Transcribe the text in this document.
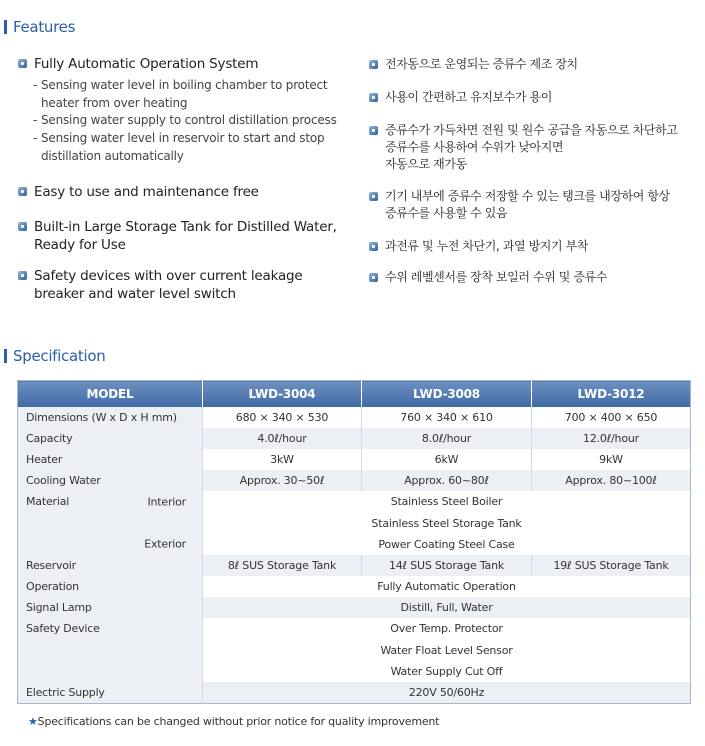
Features
Fully Automatic Operation System
- Sensing water level in boiling chamber to protect
heater from over heating
- Sensing water supply to control distillation process
- Sensing water level in reservoir to start and stop
distillation automatically
Easy to use and maintenance free
Built-in Large Storage Tank for Distilled Water,
Ready for Use
Safety devices with over current leakage
breaker and water level switch
전자동으로 운영되는 증류수 제조 장치
사용이 간편하고 유지보수가 용이
증류수가 가득차면 전원 및 원수 공급을 자동으로 차단하고
증류수를 사용하여 수위가 낮아지면
자동으로 재가동
기기 내부에 증류수 저장할 수 있는 탱크를 내장하여 항상
증류수를 사용할 수 있음
과전류 및 누전 차단기, 과열 방지기 부착
수위 레벨센서를 장착 보일러 수위 및 증류수
Specification
MODEL	LWD-3004	LWD-3008	LWD-3012
Dimensions (W x D x H mm)	680 × 340 × 530	760 × 340 × 610	700 × 400 × 650
Capacity	4.0ℓ/hour	8.0ℓ/hour	12.0ℓ/hour
Heater	3kW	6kW	9kW
Cooling Water	Approx. 30~50ℓ	Approx. 60~80ℓ	Approx. 80~100ℓ
Material Interior	Stainless Steel Boiler		
	Stainless Steel Storage Tank		

Exterior	Power Coating Steel Case		
Reservoir	8ℓ SUS Storage Tank	14ℓ SUS Storage Tank	19ℓ SUS Storage Tank
Operation	Fully Automatic Operation		
Signal Lamp	Distill, Full, Water		
Safety Device	Over Temp. Protector		
	Water Float Level Sensor		
	Water Supply Cut Off		
Electric Supply	220V 50/60Hz		
★Specifications can be changed without prior notice for quality improvement
